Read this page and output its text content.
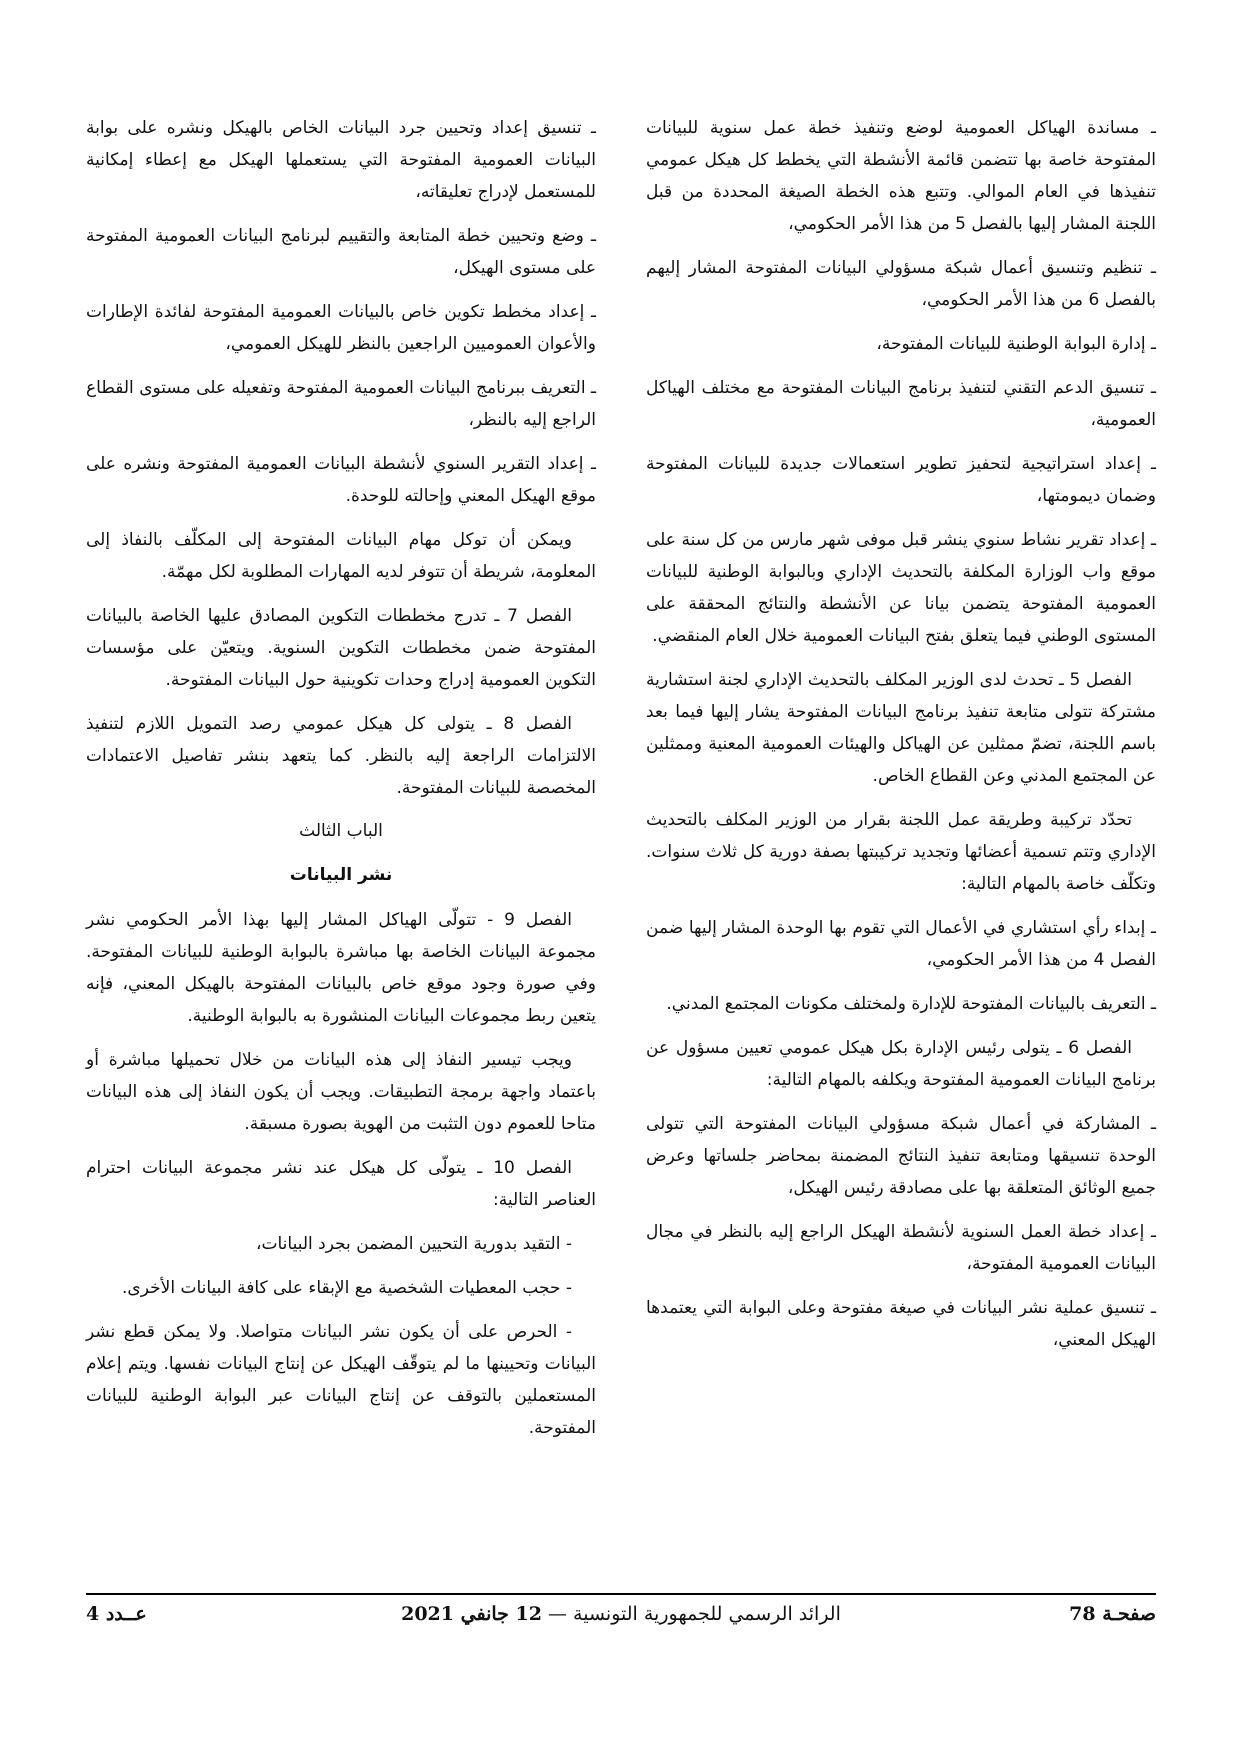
ـ مساندة الهياكل العمومية لوضع وتنفيذ خطة عمل سنوية للبيانات المفتوحة خاصة بها تتضمن قائمة الأنشطة التي يخطط كل هيكل عمومي تنفيذها في العام الموالي. وتتبع هذه الخطة الصيغة المحددة من قبل اللجنة المشار إليها بالفصل 5 من هذا الأمر الحكومي،

ـ تنظيم وتنسيق أعمال شبكة مسؤولي البيانات المفتوحة المشار إليهم بالفصل 6 من هذا الأمر الحكومي،

ـ إدارة البوابة الوطنية للبيانات المفتوحة،

ـ تنسيق الدعم التقني لتنفيذ برنامج البيانات المفتوحة مع مختلف الهياكل العمومية،

ـ إعداد استراتيجية لتحفيز تطوير استعمالات جديدة للبيانات المفتوحة وضمان ديمومتها،

ـ إعداد تقرير نشاط سنوي ينشر قبل موفى شهر مارس من كل سنة على موقع واب الوزارة المكلفة بالتحديث الإداري وبالبوابة الوطنية للبيانات العمومية المفتوحة يتضمن بيانا عن الأنشطة والنتائج المحققة على المستوى الوطني فيما يتعلق بفتح البيانات العمومية خلال العام المنقضي.

الفصل 5 ـ تحدث لدى الوزير المكلف بالتحديث الإداري لجنة استشارية مشتركة تتولى متابعة تنفيذ برنامج البيانات المفتوحة يشار إليها فيما بعد باسم اللجنة، تضمّ ممثلين عن الهياكل والهيئات العمومية المعنية وممثلين عن المجتمع المدني وعن القطاع الخاص.

تحدّد تركيبة وطريقة عمل اللجنة بقرار من الوزير المكلف بالتحديث الإداري وتتم تسمية أعضائها وتجديد تركيبتها بصفة دورية كل ثلاث سنوات. وتكلّف خاصة بالمهام التالية:

ـ إبداء رأي استشاري في الأعمال التي تقوم بها الوحدة المشار إليها ضمن الفصل 4 من هذا الأمر الحكومي،

ـ التعريف بالبيانات المفتوحة للإدارة ولمختلف مكونات المجتمع المدني.

الفصل 6 ـ يتولى رئيس الإدارة بكل هيكل عمومي تعيين مسؤول عن برنامج البيانات العمومية المفتوحة ويكلفه بالمهام التالية:

ـ المشاركة في أعمال شبكة مسؤولي البيانات المفتوحة التي تتولى الوحدة تنسيقها ومتابعة تنفيذ النتائج المضمنة بمحاضر جلساتها وعرض جميع الوثائق المتعلقة بها على مصادقة رئيس الهيكل،

ـ إعداد خطة العمل السنوية لأنشطة الهيكل الراجع إليه بالنظر في مجال البيانات العمومية المفتوحة،

ـ تنسيق عملية نشر البيانات في صيغة مفتوحة وعلى البوابة التي يعتمدها الهيكل المعني،

ـ تنسيق إعداد وتحيين جرد البيانات الخاص بالهيكل ونشره على بوابة البيانات العمومية المفتوحة التي يستعملها الهيكل مع إعطاء إمكانية للمستعمل لإدراج تعليقاته،

ـ وضع وتحيين خطة المتابعة والتقييم لبرنامج البيانات العمومية المفتوحة على مستوى الهيكل،

ـ إعداد مخطط تكوين خاص بالبيانات العمومية المفتوحة لفائدة الإطارات والأعوان العموميين الراجعين بالنظر للهيكل العمومي،

ـ التعريف ببرنامج البيانات العمومية المفتوحة وتفعيله على مستوى القطاع الراجع إليه بالنظر،

ـ إعداد التقرير السنوي لأنشطة البيانات العمومية المفتوحة ونشره على موقع الهيكل المعني وإحالته للوحدة.

ويمكن أن توكل مهام البيانات المفتوحة إلى المكلّف بالنفاذ إلى المعلومة، شريطة أن تتوفر لديه المهارات المطلوبة لكل مهمّة.

الفصل 7 ـ تدرج مخططات التكوين المصادق عليها الخاصة بالبيانات المفتوحة ضمن مخططات التكوين السنوية. ويتعيّن على مؤسسات التكوين العمومية إدراج وحدات تكوينية حول البيانات المفتوحة.

الفصل 8 ـ يتولى كل هيكل عمومي رصد التمويل اللازم لتنفيذ الالتزامات الراجعة إليه بالنظر. كما يتعهد بنشر تفاصيل الاعتمادات المخصصة للبيانات المفتوحة.

الباب الثالث

نشر البيانات

الفصل 9 - تتولّى الهياكل المشار إليها بهذا الأمر الحكومي نشر مجموعة البيانات الخاصة بها مباشرة بالبوابة الوطنية للبيانات المفتوحة. وفي صورة وجود موقع خاص بالبيانات المفتوحة بالهيكل المعني، فإنه يتعين ربط مجموعات البيانات المنشورة به بالبوابة الوطنية.

ويجب تيسير النفاذ إلى هذه البيانات من خلال تحميلها مباشرة أو باعتماد واجهة برمجة التطبيقات. ويجب أن يكون النفاذ إلى هذه البيانات متاحا للعموم دون التثبت من الهوية بصورة مسبقة.

الفصل 10 ـ يتولّى كل هيكل عند نشر مجموعة البيانات احترام العناصر التالية:

- التقيد بدورية التحيين المضمن بجرد البيانات،

- حجب المعطيات الشخصية مع الإبقاء على كافة البيانات الأخرى.

- الحرص على أن يكون نشر البيانات متواصلا. ولا يمكن قطع نشر البيانات وتحيينها ما لم يتوقّف الهيكل عن إنتاج البيانات نفسها. ويتم إعلام المستعملين بالتوقف عن إنتاج البيانات عبر البوابة الوطنية للبيانات المفتوحة.

صفحـة 78
الرائد الرسمي للجمهورية التونسية — 12 جانفي 2021
عــدد 4
